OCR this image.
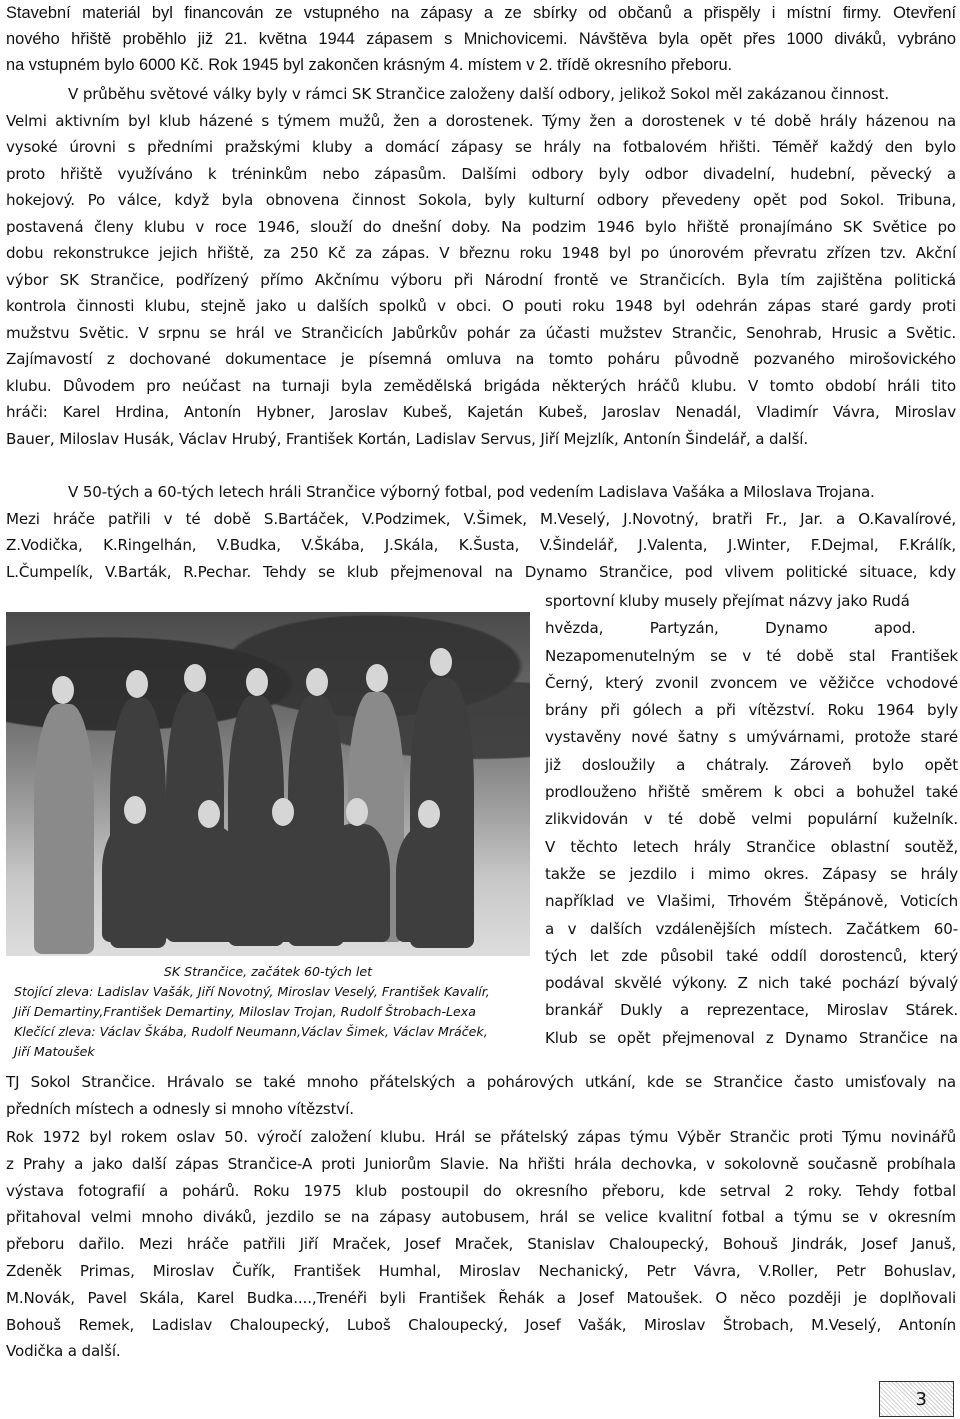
Stavební materiál byl financován ze vstupného na zápasy a ze sbírky od občanů a přispěly i místní firmy. Otevření

nového hřiště proběhlo již 21. května 1944 zápasem s Mnichovicemi. Návštěva byla opět přes 1000 diváků, vybráno

na vstupném bylo 6000 Kč. Rok 1945 byl zakončen krásným 4. místem v 2. třídě okresního přeboru.

V průběhu světové války byly v rámci SK Strančice založeny další odbory, jelikož Sokol měl zakázanou činnost.

Velmi aktivním byl klub házené s týmem mužů, žen a dorostenek. Týmy žen a dorostenek v té době hrály házenou na

vysoké úrovni s předními pražskými kluby a domácí zápasy se hrály na fotbalovém hřišti. Téměř každý den bylo

proto hřiště využíváno k tréninkům nebo zápasům. Dalšími odbory byly odbor divadelní, hudební, pěvecký a

hokejový. Po válce, když byla obnovena činnost Sokola, byly kulturní odbory převedeny opět pod Sokol. Tribuna,

postavená členy klubu v roce 1946, slouží do dnešní doby. Na podzim 1946 bylo hřiště pronajímáno SK Světice po

dobu rekonstrukce jejich hřiště, za 250 Kč za zápas. V březnu roku 1948 byl po únorovém převratu zřízen tzv. Akční

výbor SK Strančice, podřízený přímo Akčnímu výboru při Národní frontě ve Strančicích. Byla tím zajištěna politická

kontrola činnosti klubu, stejně jako u dalších spolků v obci. O pouti roku 1948 byl odehrán zápas staré gardy proti

mužstvu Světic. V srpnu se hrál ve Strančicích Jabůrkův pohár za účasti mužstev Strančic, Senohrab, Hrusic a Světic.

Zajímavostí z dochované dokumentace je písemná omluva na tomto poháru původně pozvaného mirošovického

klubu. Důvodem pro neúčast na turnaji byla zemědělská brigáda některých hráčů klubu. V tomto období hráli tito

hráči: Karel Hrdina, Antonín Hybner, Jaroslav Kubeš, Kajetán Kubeš, Jaroslav Nenadál, Vladimír Vávra, Miroslav

Bauer, Miloslav Husák, Václav Hrubý, František Kortán, Ladislav Servus, Jiří Mejzlík, Antonín Šindelář, a další.

V 50-tých a 60-tých letech hráli Strančice výborný fotbal, pod vedením Ladislava Vašáka a Miloslava Trojana.

Mezi hráče patřili v té době S.Bartáček, V.Podzimek, V.Šimek, M.Veselý, J.Novotný, bratři Fr., Jar. a O.Kavalírové,

Z.Vodička, K.Ringelhán, V.Budka, V.Škába, J.Skála, K.Šusta, V.Šindelář, J.Valenta, J.Winter, F.Dejmal, F.Králík,

L.Čumpelík, V.Barták, R.Pechar. Tehdy se klub přejmenoval na Dynamo Strančice, pod vlivem politické situace, kdy

SK Strančice, začátek 60-tých let
Stojící zleva: Ladislav Vašák, Jiří Novotný, Miroslav Veselý, František Kavalír,
Jiří Demartiny,František Demartiny, Miloslav Trojan, Rudolf Štrobach-Lexa
Klečící zleva: Václav Škába, Rudolf Neumann,Václav Šimek, Václav Mráček,
Jiří Matoušek

sportovní kluby musely přejímat názvy jako Rudá

hvězda,          Partyzán,          Dynamo          apod.

Nezapomenutelným se v té době stal František

Černý, který zvonil zvoncem ve věžičce vchodové

brány při gólech a při vítězství. Roku 1964 byly

vystavěny nové šatny s umývárnami, protože staré

již dosloužily a chátraly. Zároveň bylo opět

prodlouženo hřiště směrem k obci a bohužel také

zlikvidován v té době velmi populární kuželník.

V těchto letech hrály Strančice oblastní soutěž,

takže se jezdilo i mimo okres. Zápasy se hrály

například ve Vlašimi, Trhovém Štěpánově, Voticích

a v dalších vzdálenějších místech. Začátkem 60-

tých let zde působil také oddíl dorostenců, který

podával skvělé výkony. Z nich také pochází bývalý

brankář Dukly a reprezentace, Miroslav Stárek.

Klub se opět přejmenoval z Dynamo Strančice na

TJ Sokol Strančice. Hrávalo se také mnoho přátelských a pohárových utkání, kde se Strančice často umisťovaly na

předních místech a odnesly si mnoho vítězství.

Rok 1972 byl rokem oslav 50. výročí založení klubu. Hrál se přátelský zápas týmu Výběr Strančic proti Týmu novinářů

z Prahy a jako další zápas Strančice-A proti Juniorům Slavie. Na hřišti hrála dechovka, v sokolovně současně probíhala

výstava fotografií a pohárů. Roku 1975 klub postoupil do okresního přeboru, kde setrval 2 roky. Tehdy fotbal

přitahoval velmi mnoho diváků, jezdilo se na zápasy autobusem, hrál se velice kvalitní fotbal a týmu se v okresním

přeboru dařilo. Mezi hráče patřili Jiří Mraček, Josef Mraček, Stanislav Chaloupecký, Bohouš Jindrák, Josef Januš,

Zdeněk Primas, Miroslav Čuřík, František Humhal, Miroslav Nechanický, Petr Vávra, V.Roller, Petr Bohuslav,

M.Novák, Pavel Skála, Karel Budka....,Trenéři byli František Řehák a Josef Matoušek. O něco později je doplňovali

Bohouš Remek, Ladislav Chaloupecký, Luboš Chaloupecký, Josef Vašák, Miroslav Štrobach, M.Veselý, Antonín

Vodička a další.

3
